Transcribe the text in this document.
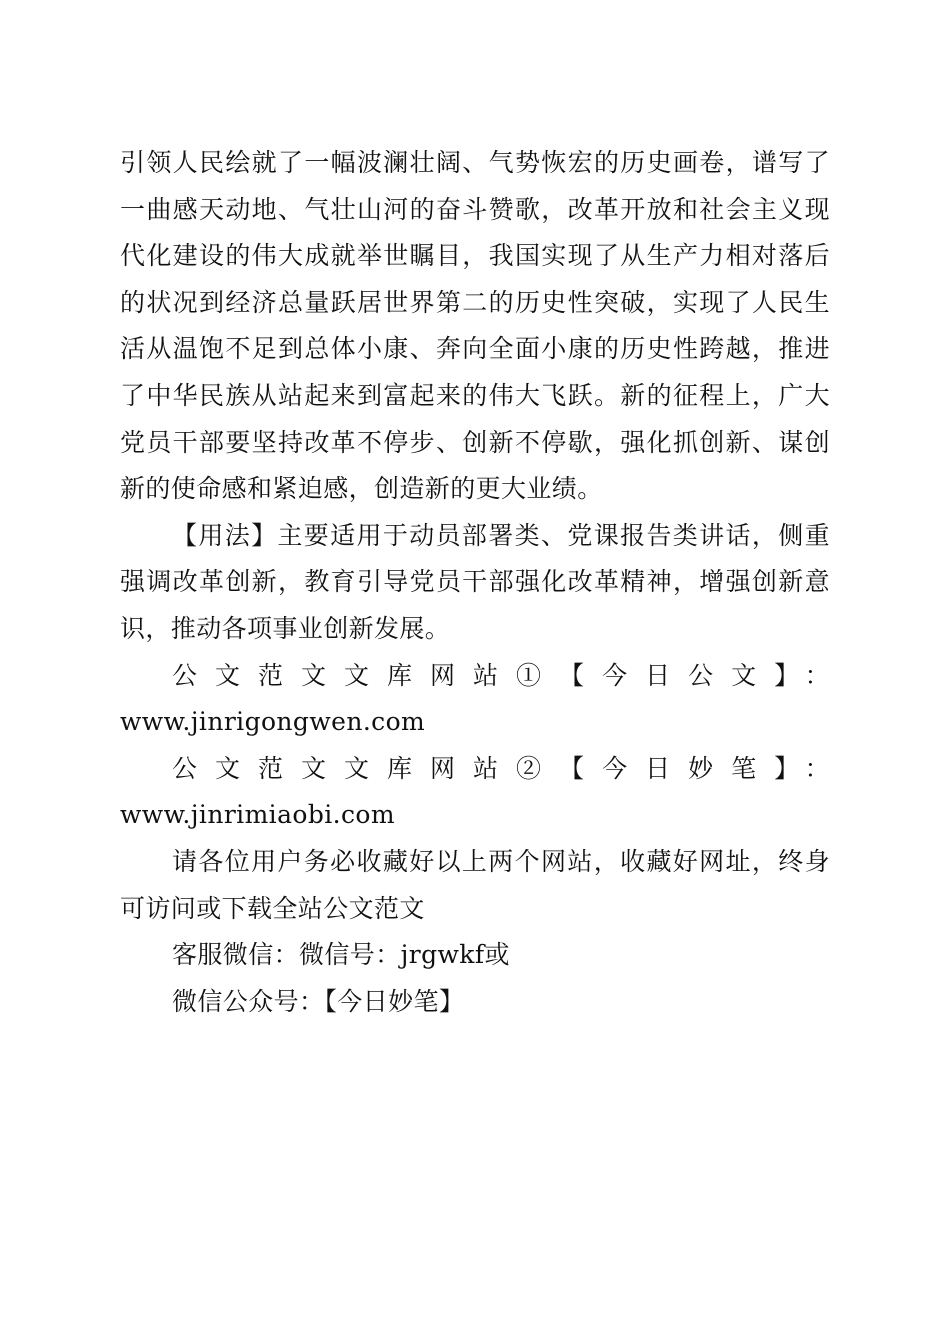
引领人民绘就了一幅波澜壮阔、气势恢宏的历史画卷，谱写了一曲感天动地、气壮山河的奋斗赞歌，改革开放和社会主义现代化建设的伟大成就举世瞩目，我国实现了从生产力相对落后的状况到经济总量跃居世界第二的历史性突破，实现了人民生活从温饱不足到总体小康、奔向全面小康的历史性跨越，推进了中华民族从站起来到富起来的伟大飞跃。新的征程上，广大党员干部要坚持改革不停步、创新不停歇，强化抓创新、谋创新的使命感和紧迫感，创造新的更大业绩。

【用法】主要适用于动员部署类、党课报告类讲话，侧重强调改革创新，教育引导党员干部强化改革精神，增强创新意识，推动各项事业创新发展。

公文范文文库网站①【今日公文】：

www.jinrigongwen.com

公文范文文库网站②【今日妙笔】：www.jinrimiaobi.com

请各位用户务必收藏好以上两个网站，收藏好网址，终身可访问或下载全站公文范文

客服微信：微信号：jrgwkf或

微信公众号：【今日妙笔】
